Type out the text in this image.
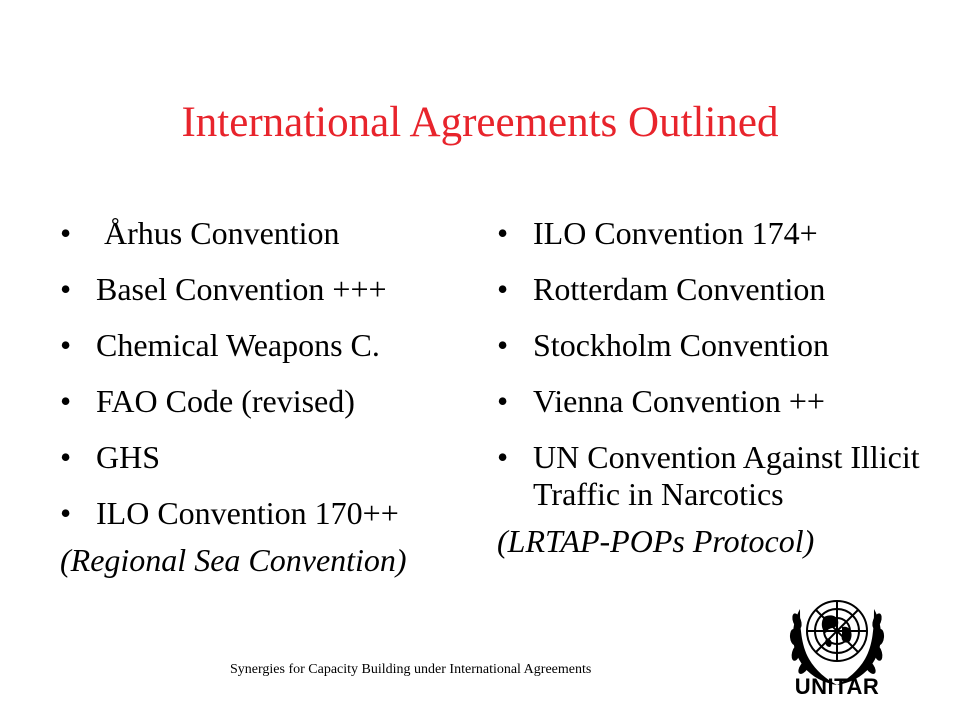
International Agreements Outlined
• Århus Convention
• Basel Convention +++
• Chemical Weapons C.
• FAO Code (revised)
• GHS
• ILO Convention 170++
(Regional Sea Convention)
• ILO Convention 174+
• Rotterdam Convention
• Stockholm Convention
• Vienna Convention ++
• UN Convention Against Illicit Traffic in Narcotics
(LRTAP-POPs Protocol)
Synergies for Capacity Building under International Agreements
UNITAR
